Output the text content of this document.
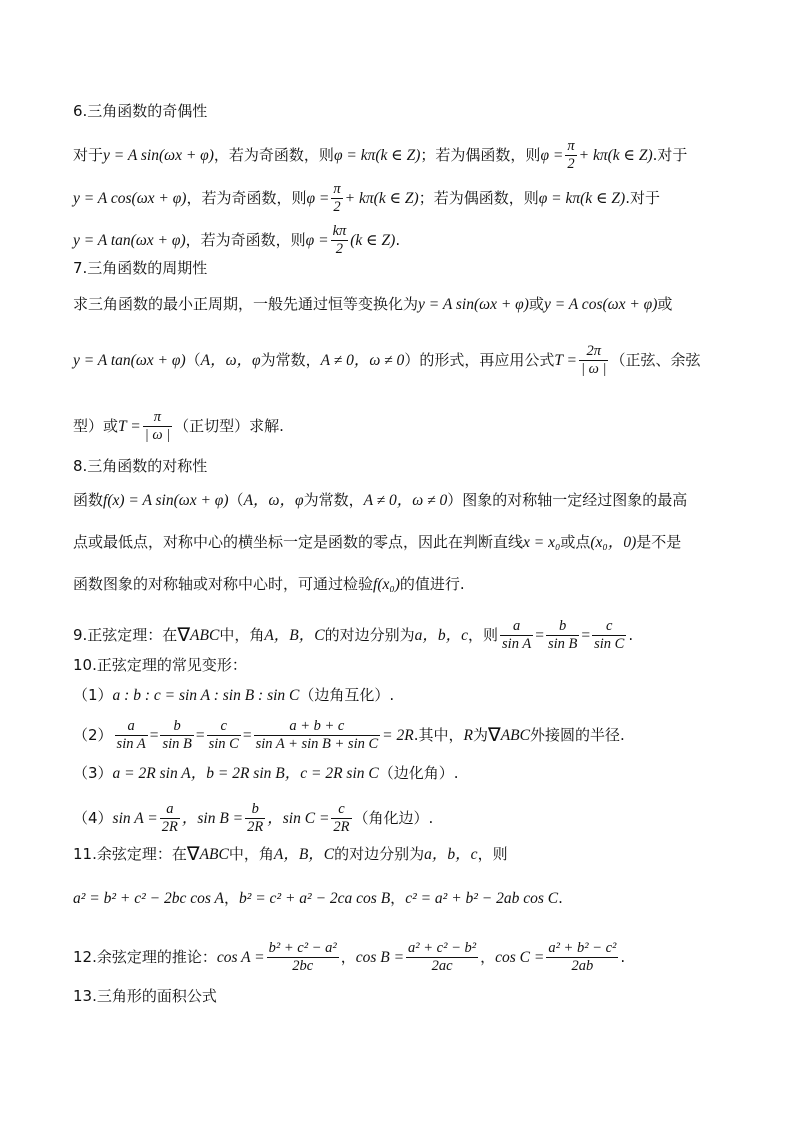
6.三角函数的奇偶性
对于y = A sin(ωx + φ)，若为奇函数，则φ = kπ(k ∈ Z)；若为偶函数，则$\varphi = \frac{\pi}{2} + k\pi(k$ ∈ Z).对于
y = A cos(ωx + φ)，若为奇函数，则$\varphi = \frac{\pi}{2} + k\pi(k$ ∈ Z)；若为偶函数，则φ = kπ(k ∈ Z).对于
y = A tan(ωx + φ)，若为奇函数，则$\varphi = \frac{k\pi}{2} (k$ ∈ Z).
7.三角函数的周期性
求三角函数的最小正周期，一般先通过恒等变换化为y = A sin(ωx + φ)或y = A cos(ωx + φ)或
y = A tan(ωx + φ)（A，ω，φ为常数，A ≠ 0，ω ≠ 0）的形式，再应用公式$T = \frac{2\pi}{| \omega |}$ （正弦、余弦
型）或$T = \frac{\pi}{| \omega |}$ （正切型）求解.
8.三角函数的对称性
函数f(x) = A sin(ωx + φ)（A，ω，φ为常数，A ≠ 0，ω ≠ 0）图象的对称轴一定经过图象的最高
点或最低点，对称中心的横坐标一定是函数的零点，因此在判断直线x = x₀或点(x₀，0)是不是
函数图象的对称轴或对称中心时，可通过检验f(x₀)的值进行.
9.正弦定理：在∇ABC中，角A，B，C的对边分别为a，b，c，则 $\frac{a}{\text{sin A}} = \frac{b}{\text{sin B}} = \frac{c}{\text{sin C}}$ .
10.正弦定理的常见变形：
（1）a : b : c = sin A : sin B : sin C（边角互化）.
$(2) \frac{a}{\text{sin A}} = \frac{b}{\text{sin B}} = \frac{c}{\text{sin C}} = \frac{a + b + c}{\text{sin A + sin B + sin C}} = 2R$.其中，R为∇ABC外接圆的半径.
（3）a = 2R sin A，b = 2R sin B，c = 2R sin C（边化角）.
（4）sin $A = \frac{a}{2R}$ ，$\sin B = \frac{b}{2R}$ ，$\sin C = \frac{c}{2R}$ （角化边）.
11.余弦定理：在∇ABC中，角A，B，C的对边分别为a，b，c，则
a² = b² + c² − 2bc cos A，b² = c² + a² − 2ca cos B，c² = a² + b² − 2ab cos C.
12.余弦定理的推论：$\cos A = \frac{\text{b² + c² − a²}}{2bc}$ ，$\cos B = \frac{\text{a² + c² − b²}}{2ac}$ ，$\cos C = \frac{\text{a² + b² − c²}}{2ab}$ .
13.三角形的面积公式
